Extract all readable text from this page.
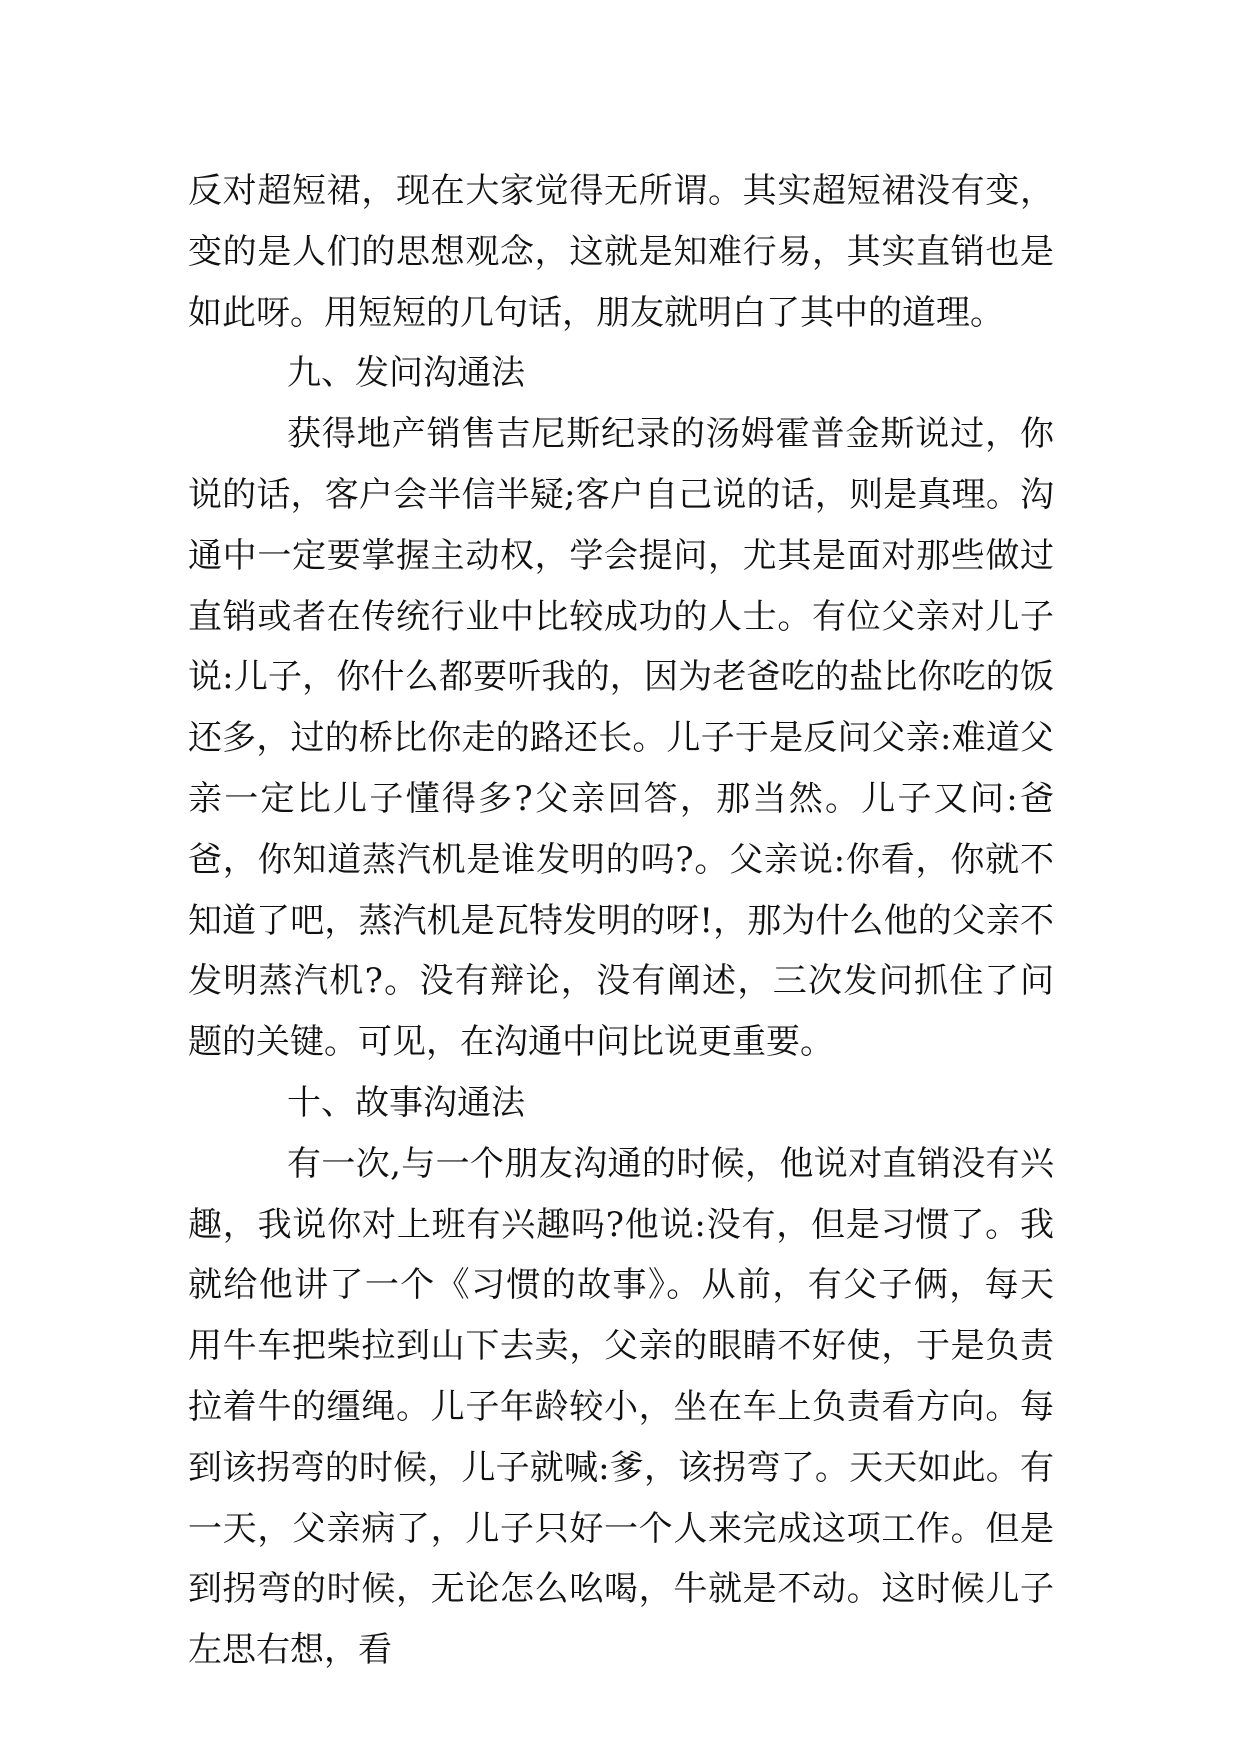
反对超短裙，现在大家觉得无所谓。其实超短裙没有变，变的是人们的思想观念，这就是知难行易，其实直销也是如此呀。用短短的几句话，朋友就明白了其中的道理。

九、发问沟通法

获得地产销售吉尼斯纪录的汤姆霍普金斯说过，你说的话，客户会半信半疑;客户自己说的话，则是真理。沟通中一定要掌握主动权，学会提问，尤其是面对那些做过直销或者在传统行业中比较成功的人士。有位父亲对儿子说:儿子，你什么都要听我的，因为老爸吃的盐比你吃的饭还多，过的桥比你走的路还长。儿子于是反问父亲:难道父亲一定比儿子懂得多?父亲回答，那当然。儿子又问:爸爸，你知道蒸汽机是谁发明的吗?。父亲说:你看，你就不知道了吧，蒸汽机是瓦特发明的呀!，那为什么他的父亲不发明蒸汽机?。没有辩论，没有阐述，三次发问抓住了问题的关键。可见，在沟通中问比说更重要。

十、故事沟通法

有一次,与一个朋友沟通的时候，他说对直销没有兴趣，我说你对上班有兴趣吗?他说:没有，但是习惯了。我就给他讲了一个《习惯的故事》。从前，有父子俩，每天用牛车把柴拉到山下去卖，父亲的眼睛不好使，于是负责拉着牛的缰绳。儿子年龄较小，坐在车上负责看方向。每到该拐弯的时候，儿子就喊:爹，该拐弯了。天天如此。有一天，父亲病了，儿子只好一个人来完成这项工作。但是到拐弯的时候，无论怎么吆喝，牛就是不动。这时候儿子左思右想，看
